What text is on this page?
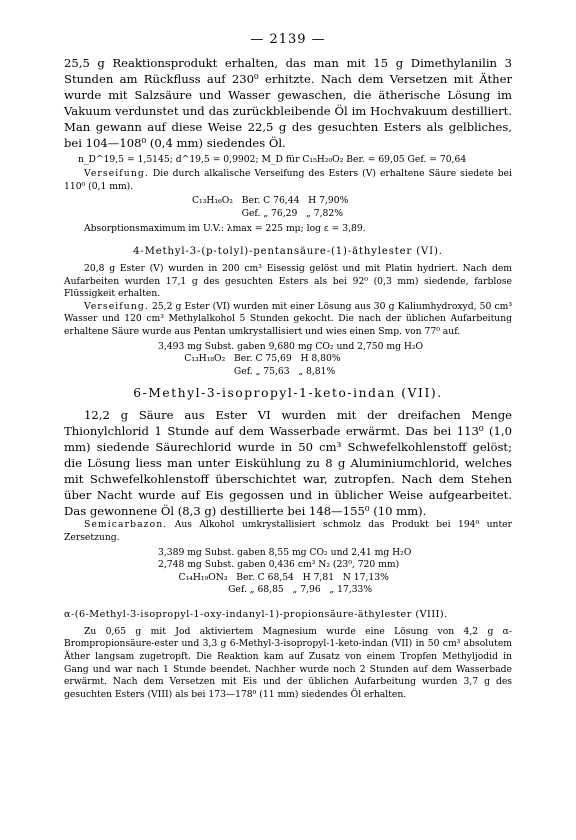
— 2139 —

25,5 g Reaktionsprodukt erhalten, das man mit 15 g Dimethylanilin 3 Stunden am Rückfluss auf 230⁰ erhitzte. Nach dem Versetzen mit Äther wurde mit Salzsäure und Wasser gewaschen, die ätherische Lösung im Vakuum verdunstet und das zurückbleibende Öl im Hochvakuum destilliert. Man gewann auf diese Weise 22,5 g des gesuchten Esters als gelbliches, bei 104—108⁰ (0,4 mm) siedendes Öl.

n_D^19,5 = 1,5145; d^19,5 = 0,9902; M_D für C₁₅H₂₀O₂ Ber. = 69,05 Gef. = 70,64

Verseifung. Die durch alkalische Verseifung des Esters (V) erhaltene Säure siedete bei 110⁰ (0,1 mm).

C₁₃H₁₆O₂   Ber. C 76,44   H 7,90%
Gef. „ 76,29   „ 7,82%

Absorptionsmaximum im U.V.: λmax = 225 mμ; log ε = 3,89.

4-Methyl-3-(p-tolyl)-pentansäure-(1)-äthylester (VI).

20,8 g Ester (V) wurden in 200 cm³ Eisessig gelöst und mit Platin hydriert. Nach dem Aufarbeiten wurden 17,1 g des gesuchten Esters als bei 92⁰ (0,3 mm) siedende, farblose Flüssigkeit erhalten.

Verseifung. 25,2 g Ester (VI) wurden mit einer Lösung aus 30 g Kaliumhydroxyd, 50 cm³ Wasser und 120 cm³ Methylalkohol 5 Stunden gekocht. Die nach der üblichen Aufarbeitung erhaltene Säure wurde aus Pentan umkrystallisiert und wies einen Smp. von 77⁰ auf.

3,493 mg Subst. gaben 9,680 mg CO₂ und 2,750 mg H₂O
C₁₃H₁₈O₂   Ber. C 75,69   H 8,80%
Gef. „ 75,63   „ 8,81%
6-Methyl-3-isopropyl-1-keto-indan (VII).

12,2 g Säure aus Ester VI wurden mit der dreifachen Menge Thionylchlorid 1 Stunde auf dem Wasserbade erwärmt. Das bei 113⁰ (1,0 mm) siedende Säurechlorid wurde in 50 cm³ Schwefelkohlenstoff gelöst; die Lösung liess man unter Eiskühlung zu 8 g Aluminiumchlorid, welches mit Schwefelkohlenstoff überschichtet war, zutropfen. Nach dem Stehen über Nacht wurde auf Eis gegossen und in üblicher Weise aufgearbeitet. Das gewonnene Öl (8,3 g) destillierte bei 148—155⁰ (10 mm).

Semicarbazon. Aus Alkohol umkrystallisiert schmolz das Produkt bei 194⁰ unter Zersetzung.

3,389 mg Subst. gaben 8,55 mg CO₂ und 2,41 mg H₂O
2,748 mg Subst. gaben 0,436 cm³ N₂ (23⁰, 720 mm)
C₁₄H₁₉ON₃   Ber. C 68,54   H 7,81   N 17,13%
Gef. „ 68,85   „ 7,96   „ 17,33%
α-(6-Methyl-3-isopropyl-1-oxy-indanyl-1)-propionsäure-äthylester (VIII).

Zu 0,65 g mit Jod aktiviertem Magnesium wurde eine Lösung von 4,2 g α-Brompropionsäure-ester und 3,3 g 6-Methyl-3-isopropyl-1-keto-indan (VII) in 50 cm³ absolutem Äther langsam zugetropft. Die Reaktion kam auf Zusatz von einem Tropfen Methyljodid in Gang und war nach 1 Stunde beendet. Nachher wurde noch 2 Stunden auf dem Wasserbade erwärmt. Nach dem Versetzen mit Eis und der üblichen Aufarbeitung wurden 3,7 g des gesuchten Esters (VIII) als bei 173—178⁰ (11 mm) siedendes Öl erhalten.
